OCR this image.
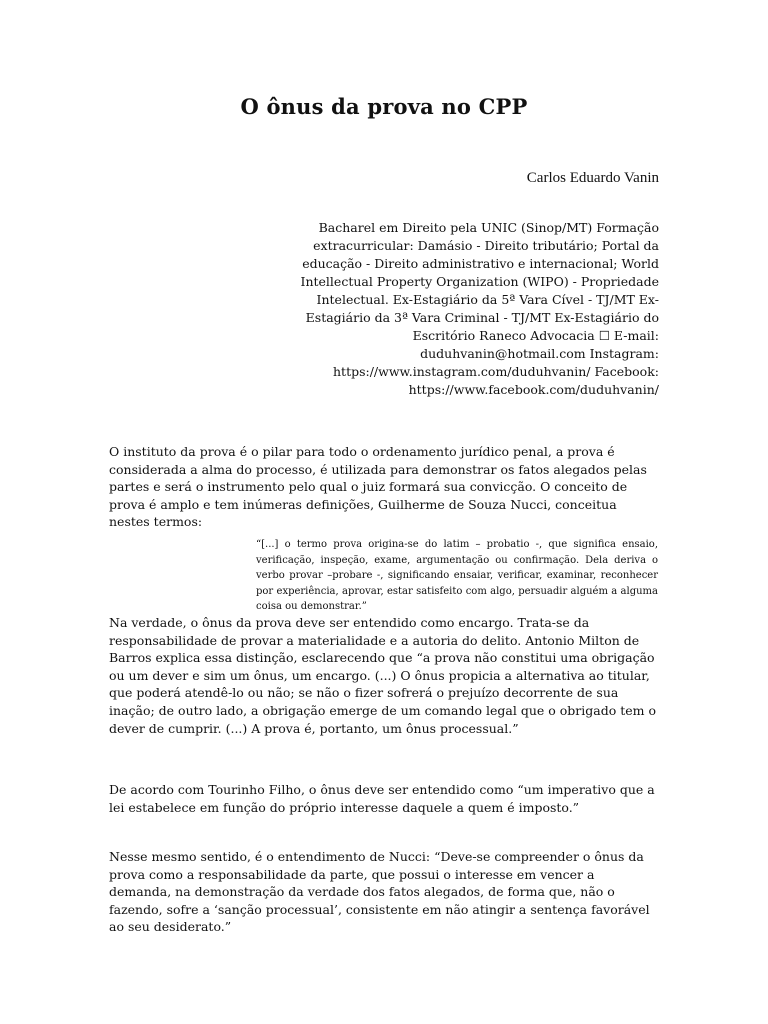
O ônus da prova no CPP
Carlos Eduardo Vanin
Bacharel em Direito pela UNIC (Sinop/MT) Formação extracurricular: Damásio - Direito tributário; Portal da educação - Direito administrativo e internacional; World Intellectual Property Organization (WIPO) - Propriedade Intelectual. Ex-Estagiário da 5ª Vara Cível - TJ/MT Ex-Estagiário da 3ª Vara Criminal - TJ/MT Ex-Estagiário do Escritório Raneco Advocacia ☐ E-mail: duduhvanin@hotmail.com Instagram: https://www.instagram.com/duduhvanin/ Facebook: https://www.facebook.com/duduhvanin/
O instituto da prova é o pilar para todo o ordenamento jurídico penal, a prova é considerada a alma do processo, é utilizada para demonstrar os fatos alegados pelas partes e será o instrumento pelo qual o juiz formará sua convicção. O conceito de prova é amplo e tem inúmeras definições, Guilherme de Souza Nucci, conceitua nestes termos:
“[...] o termo prova origina-se do latim – probatio -, que significa ensaio, verificação, inspeção, exame, argumentação ou confirmação. Dela deriva o verbo provar –probare -, significando ensaiar, verificar, examinar, reconhecer por experiência, aprovar, estar satisfeito com algo, persuadir alguém a alguma coisa ou demonstrar.”
Na verdade, o ônus da prova deve ser entendido como encargo. Trata-se da responsabilidade de provar a materialidade e a autoria do delito. Antonio Milton de Barros explica essa distinção, esclarecendo que “a prova não constitui uma obrigação ou um dever e sim um ônus, um encargo. (...) O ônus propicia a alternativa ao titular, que poderá atendê-lo ou não; se não o fizer sofrerá o prejuízo decorrente de sua inação; de outro lado, a obrigação emerge de um comando legal que o obrigado tem o dever de cumprir. (...) A prova é, portanto, um ônus processual.”
De acordo com Tourinho Filho, o ônus deve ser entendido como “um imperativo que a lei estabelece em função do próprio interesse daquele a quem é imposto.”
Nesse mesmo sentido, é o entendimento de Nucci: “Deve-se compreender o ônus da prova como a responsabilidade da parte, que possui o interesse em vencer a demanda, na demonstração da verdade dos fatos alegados, de forma que, não o fazendo, sofre a ‘sanção processual’, consistente em não atingir a sentença favorável ao seu desiderato.”
